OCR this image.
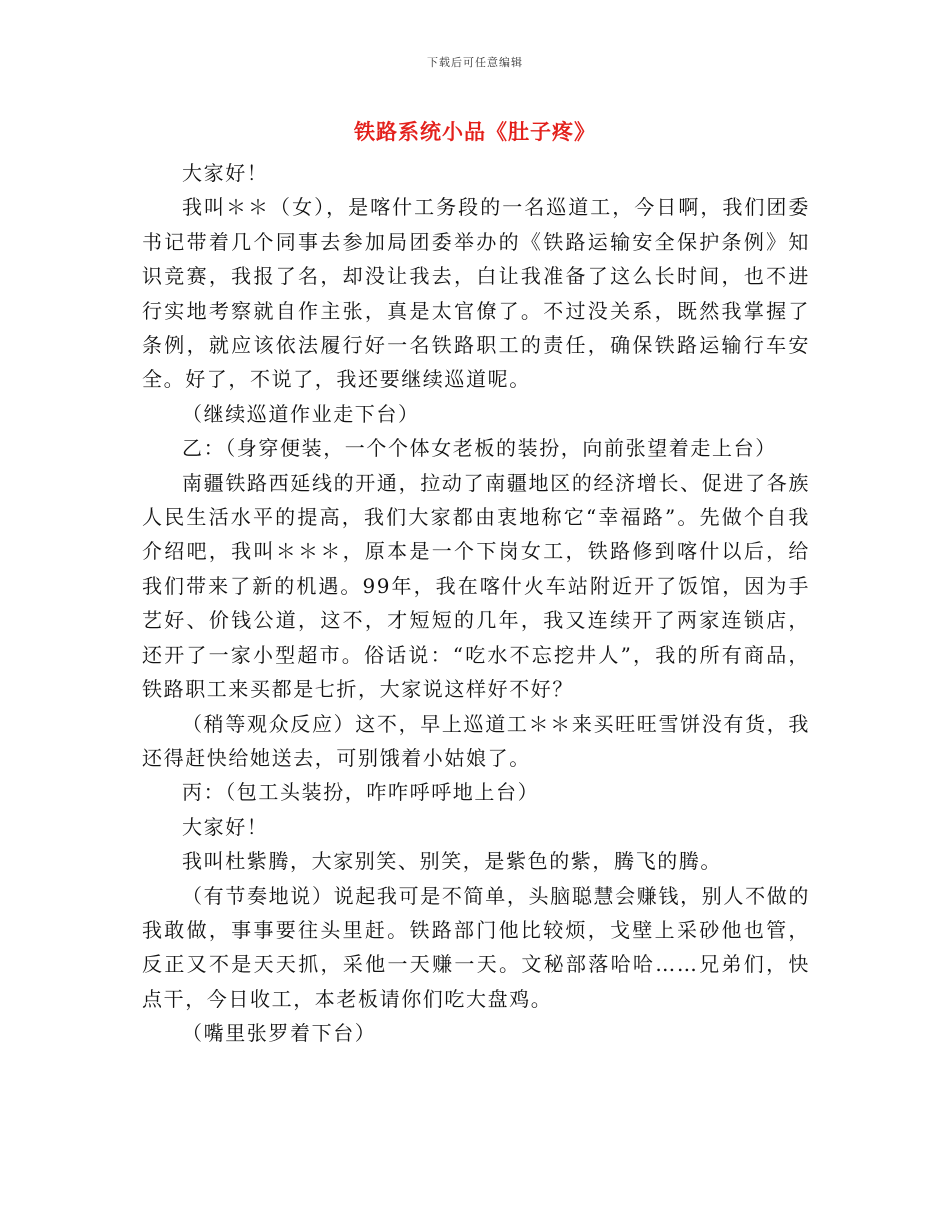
下载后可任意编辑
铁路系统小品《肚子疼》

大家好！

我叫＊＊（女），是喀什工务段的一名巡道工，今日啊，我们团委书记带着几个同事去参加局团委举办的《铁路运输安全保护条例》知识竞赛，我报了名，却没让我去，白让我准备了这么长时间，也不进行实地考察就自作主张，真是太官僚了。不过没关系，既然我掌握了条例，就应该依法履行好一名铁路职工的责任，确保铁路运输行车安全。好了，不说了，我还要继续巡道呢。

（继续巡道作业走下台）

乙：（身穿便装，一个个体女老板的装扮，向前张望着走上台）

南疆铁路西延线的开通，拉动了南疆地区的经济增长、促进了各族人民生活水平的提高，我们大家都由衷地称它“幸福路”。先做个自我介绍吧，我叫＊＊＊，原本是一个下岗女工，铁路修到喀什以后，给我们带来了新的机遇。99年，我在喀什火车站附近开了饭馆，因为手艺好、价钱公道，这不，才短短的几年，我又连续开了两家连锁店，还开了一家小型超市。俗话说：“吃水不忘挖井人”，我的所有商品，铁路职工来买都是七折，大家说这样好不好？

（稍等观众反应）这不，早上巡道工＊＊来买旺旺雪饼没有货，我还得赶快给她送去，可别饿着小姑娘了。

丙：（包工头装扮，咋咋呼呼地上台）

大家好！

我叫杜紫腾，大家别笑、别笑，是紫色的紫，腾飞的腾。

（有节奏地说）说起我可是不简单，头脑聪慧会赚钱，别人不做的我敢做，事事要往头里赶。铁路部门他比较烦，戈壁上采砂他也管，反正又不是天天抓，采他一天赚一天。文秘部落哈哈……兄弟们，快点干，今日收工，本老板请你们吃大盘鸡。

（嘴里张罗着下台）
